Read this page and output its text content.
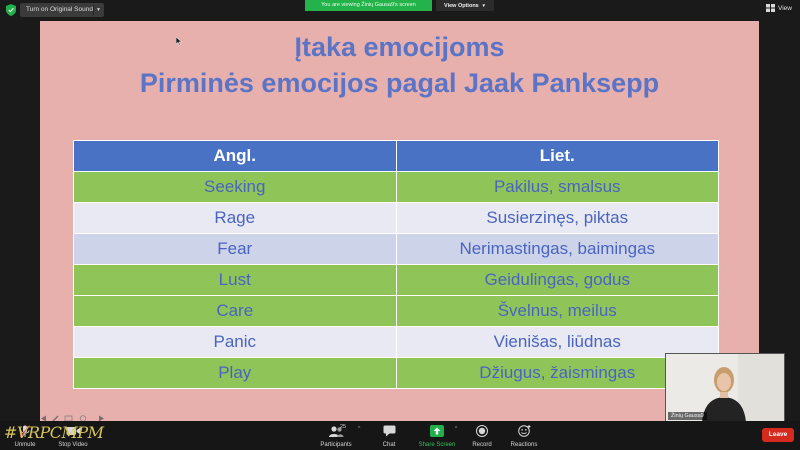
Turn on Original Sound ▼
You are viewing Žinių Gausa9's screen	View Options  ▼	View
Įtaka emocijoms
Pirminės emocijos pagal Jaak Panksepp
Angl.	Liet.
Seeking	Pakilus, smalsus
Rage	Susierzinęs, piktas
Fear	Nerimastingas, baimingas
Lust	Geidulingas, godus
Care	Švelnus, meilus
Panic	Vienišas, liūdnas
Play	Džiugus, žaismingas
Žinių Gausa9
Unmute	Stop Video
25
Participants
^
Chat	Share Screen
^
Record	Reactions
Leave
#VRPCMPM
